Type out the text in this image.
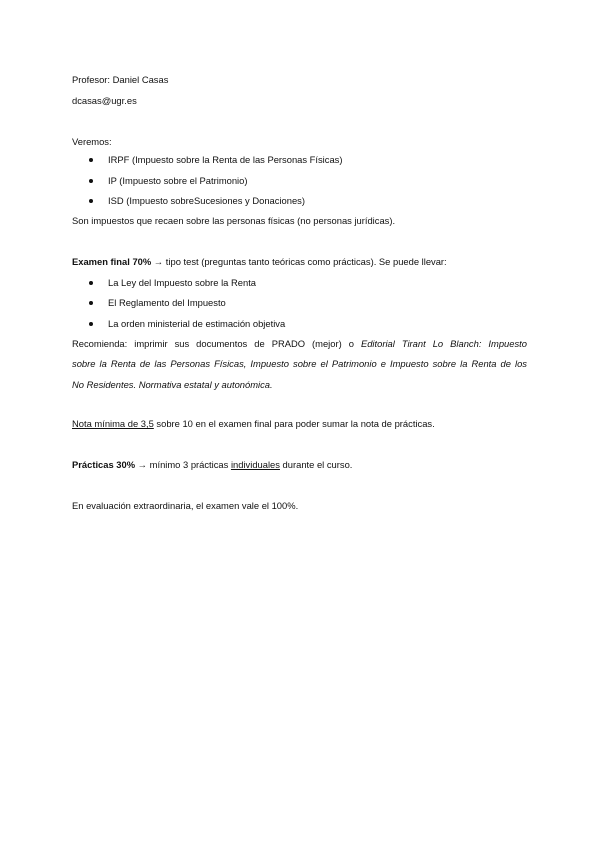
Profesor: Daniel Casas
dcasas@ugr.es
Veremos:
IRPF (Impuesto sobre la Renta de las Personas Físicas)
IP (Impuesto sobre el Patrimonio)
ISD (Impuesto sobreSucesiones y Donaciones)
Son impuestos que recaen sobre las personas físicas (no personas jurídicas).
Examen final 70% → tipo test (preguntas tanto teóricas como prácticas). Se puede llevar:
La Ley del Impuesto sobre la Renta
El Reglamento del Impuesto
La orden ministerial de estimación objetiva
Recomienda: imprimir sus documentos de PRADO (mejor) o Editorial Tirant Lo Blanch: Impuesto
sobre la Renta de las Personas Físicas, Impuesto sobre el Patrimonio e Impuesto sobre la Renta de los
No Residentes. Normativa estatal y autonómica.
Nota mínima de 3,5 sobre 10 en el examen final para poder sumar la nota de prácticas.
Prácticas 30% → mínimo 3 prácticas individuales durante el curso.
En evaluación extraordinaria, el examen vale el 100%.
